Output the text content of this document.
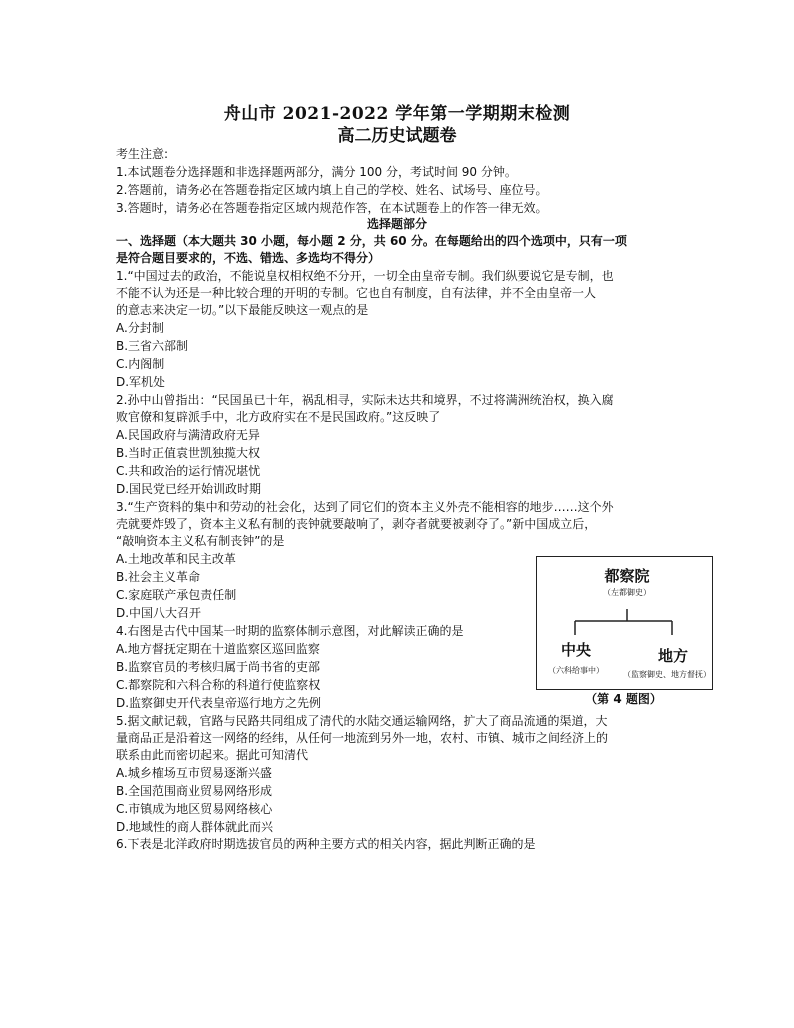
舟山市 2021-2022 学年第一学期期末检测
高二历史试题卷
考生注意:
1.本试题卷分选择题和非选择题两部分，满分 100 分，考试时间 90 分钟。
2.答题前，请务必在答题卷指定区域内填上自己的学校、姓名、试场号、座位号。
3.答题时，请务必在答题卷指定区域内规范作答，在本试题卷上的作答一律无效。
选择题部分
一、选择题（本大题共 30 小题，每小题 2 分，共 60 分。在每题给出的四个选项中，只有一项
是符合题目要求的，不选、错选、多选均不得分）
1.“中国过去的政治，不能说皇权相权绝不分开，一切全由皇帝专制。我们纵要说它是专制，也
不能不认为还是一种比较合理的开明的专制。它也自有制度，自有法律，并不全由皇帝一人
的意志来决定一切。”以下最能反映这一观点的是
A.分封制
B.三省六部制
C.内阁制
D.军机处
2.孙中山曾指出：“民国虽已十年，祸乱相寻，实际未达共和境界，不过将满洲统治权，换入腐
败官僚和复辟派手中，北方政府实在不是民国政府。”这反映了
A.民国政府与满清政府无异
B.当时正值袁世凯独揽大权
C.共和政治的运行情况堪忧
D.国民党已经开始训政时期
3.“生产资料的集中和劳动的社会化，达到了同它们的资本主义外壳不能相容的地步……这个外
壳就要炸毁了，资本主义私有制的丧钟就要敲响了，剥夺者就要被剥夺了。”新中国成立后，
“敲响资本主义私有制丧钟”的是
A.土地改革和民主改革
B.社会主义革命
C.家庭联产承包责任制
D.中国八大召开
4.右图是古代中国某一时期的监察体制示意图，对此解读正确的是
A.地方督抚定期在十道监察区巡回监察
B.监察官员的考核归属于尚书省的吏部
C.都察院和六科合称的科道行使监察权
D.监察御史开代表皇帝巡行地方之先例
5.据文献记载，官路与民路共同组成了清代的水陆交通运输网络，扩大了商品流通的渠道，大
量商品正是沿着这一网络的经纬，从任何一地流到另外一地，农村、市镇、城市之间经济上的
联系由此而密切起来。据此可知清代
A.城乡榷场互市贸易逐渐兴盛
B.全国范围商业贸易网络形成
C.市镇成为地区贸易网络核心
D.地域性的商人群体就此而兴
6.下表是北洋政府时期选拔官员的两种主要方式的相关内容，据此判断正确的是
都察院
（左都御史）
中央
（六科给事中）
地方
（监察御史、地方督抚）
（第 4 题图）
